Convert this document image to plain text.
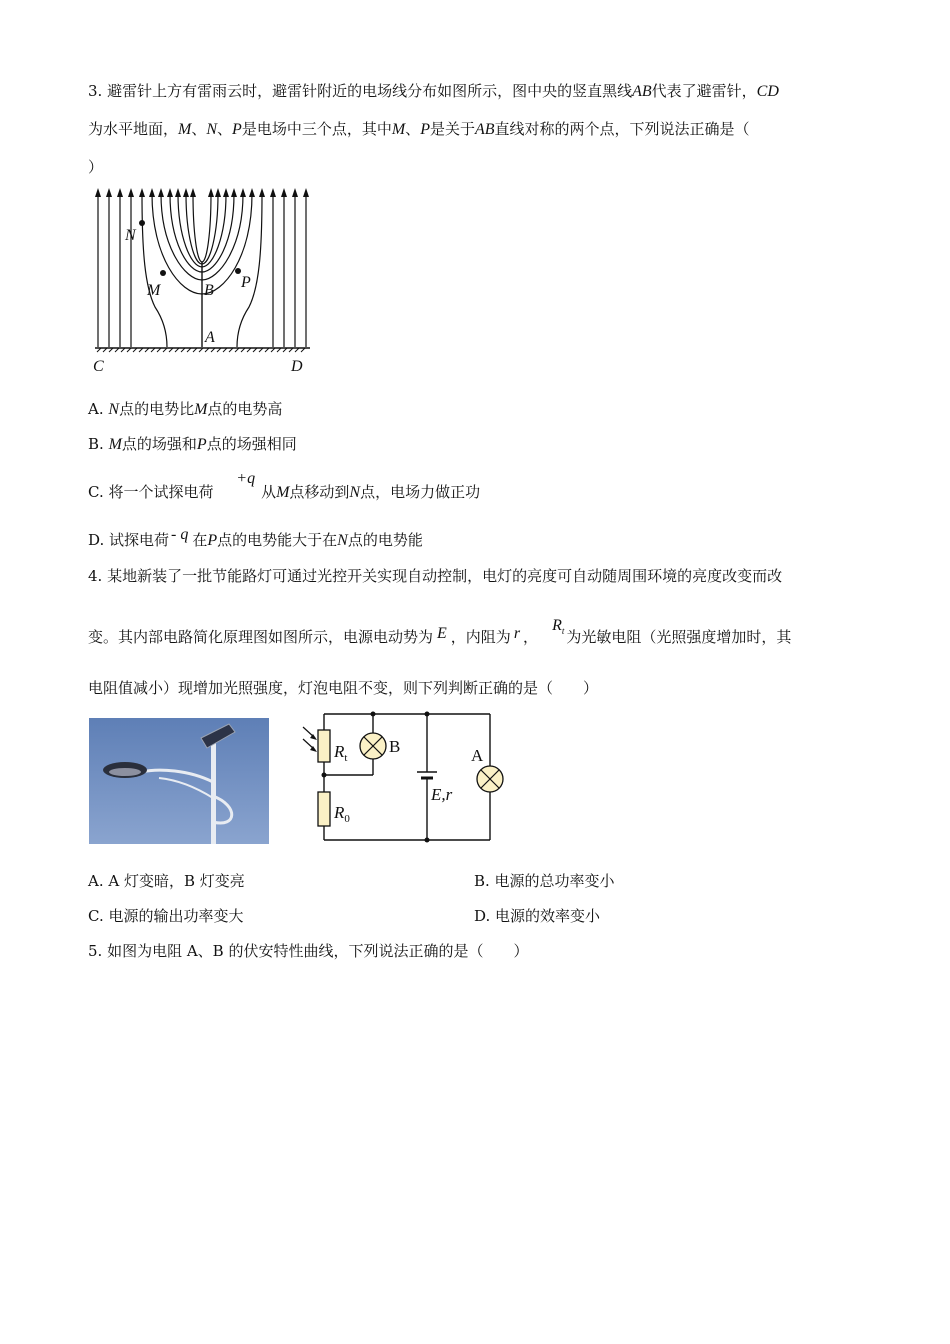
3. 避雷针上方有雷雨云时，避雷针附近的电场线分布如图所示，图中央的竖直黑线AB代表了避雷针，CD
为水平地面，M、N、P是电场中三个点，其中M、P是关于AB直线对称的两个点，下列说法正确是（
）
N
M	B P
A
C	D
A. N点的电势比M点的电势高
B. M点的场强和P点的场强相同
C. 将一个试探电荷 +q从M点移动到N点，电场力做正功
D. 试探电荷 - q 在P点的电势能大于在N点的电势能
4. 某地新装了一批节能路灯可通过光控开关实现自动控制，电灯的亮度可自动随周围环境的亮度改变而改
变。其内部电路简化原理图如图所示，电源电动势为 E ，内阻为 r ，$R_t$ 为光敏电阻（光照强度增加时，其
电阻值减小）现增加光照强度，灯泡电阻不变，则下列判断正确的是（　　）
$R_t$
B
$R_0$
E,r
A
A. A 灯变暗，B 灯变亮	B. 电源的总功率变小
C. 电源的输出功率变大	D. 电源的效率变小
5. 如图为电阻 A、B 的伏安特性曲线，下列说法正确的是（　　）
